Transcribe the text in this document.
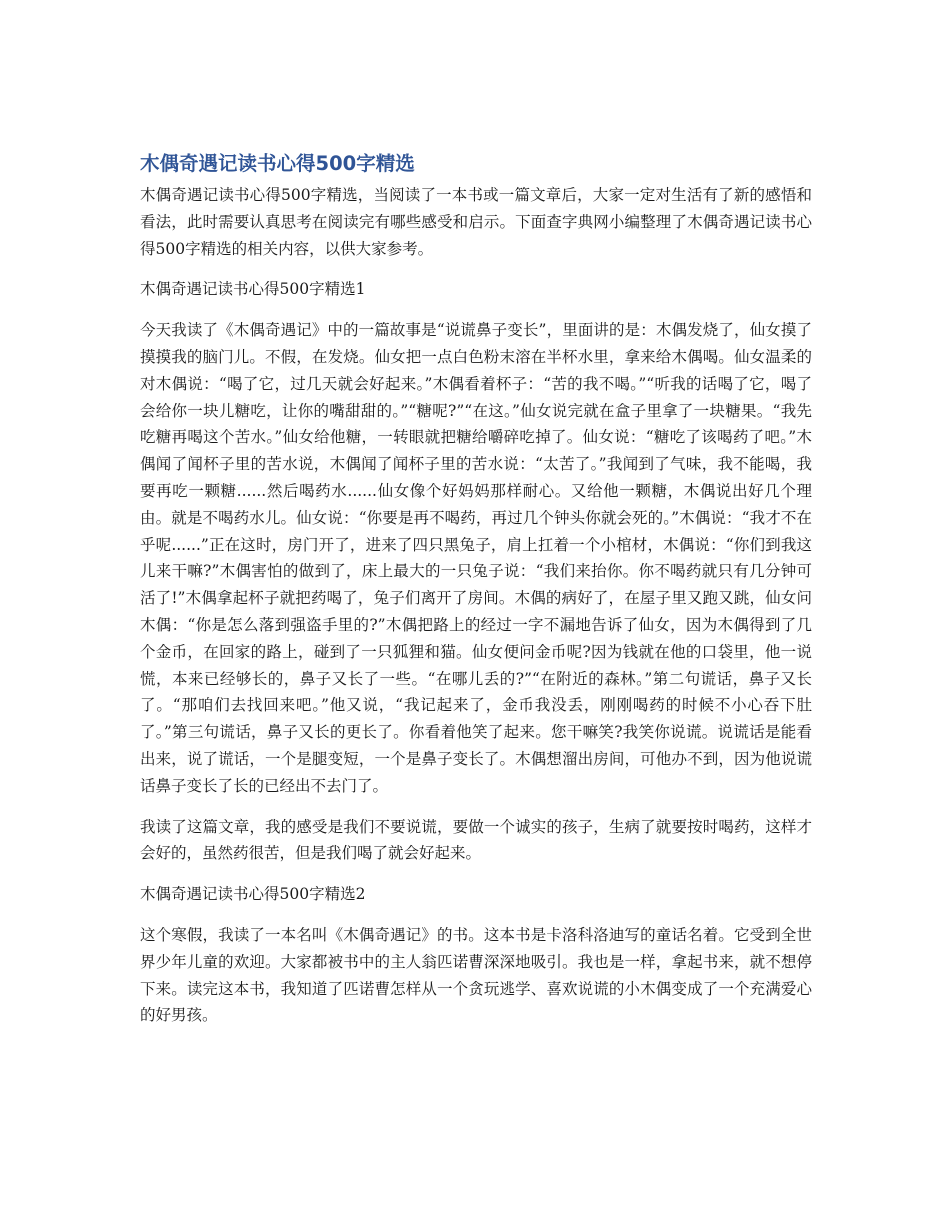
木偶奇遇记读书心得500字精选

木偶奇遇记读书心得500字精选，当阅读了一本书或一篇文章后，大家一定对生活有了新的感悟和看法，此时需要认真思考在阅读完有哪些感受和启示。下面查字典网小编整理了木偶奇遇记读书心得500字精选的相关内容，以供大家参考。

木偶奇遇记读书心得500字精选1

今天我读了《木偶奇遇记》中的一篇故事是“说谎鼻子变长”，里面讲的是：木偶发烧了，仙女摸了摸摸我的脑门儿。不假，在发烧。仙女把一点白色粉末溶在半杯水里，拿来给木偶喝。仙女温柔的对木偶说：“喝了它，过几天就会好起来。”木偶看着杯子：“苦的我不喝。”“听我的话喝了它，喝了会给你一块儿糖吃，让你的嘴甜甜的。”“糖呢?”“在这。”仙女说完就在盒子里拿了一块糖果。“我先吃糖再喝这个苦水。”仙女给他糖，一转眼就把糖给嚼碎吃掉了。仙女说：“糖吃了该喝药了吧。”木偶闻了闻杯子里的苦水说，木偶闻了闻杯子里的苦水说：“太苦了。”我闻到了气味，我不能喝，我要再吃一颗糖......然后喝药水......仙女像个好妈妈那样耐心。又给他一颗糖，木偶说出好几个理由。就是不喝药水儿。仙女说：“你要是再不喝药，再过几个钟头你就会死的。”木偶说：“我才不在乎呢......”正在这时，房门开了，进来了四只黑兔子，肩上扛着一个小棺材，木偶说：“你们到我这儿来干嘛?”木偶害怕的做到了，床上最大的一只兔子说：“我们来抬你。你不喝药就只有几分钟可活了!”木偶拿起杯子就把药喝了，兔子们离开了房间。木偶的病好了，在屋子里又跑又跳，仙女问木偶：“你是怎么落到强盗手里的?”木偶把路上的经过一字不漏地告诉了仙女，因为木偶得到了几个金币，在回家的路上，碰到了一只狐狸和猫。仙女便问金币呢?因为钱就在他的口袋里，他一说慌，本来已经够长的，鼻子又长了一些。“在哪儿丢的?”“在附近的森林。”第二句谎话，鼻子又长了。“那咱们去找回来吧。”他又说，“我记起来了，金币我没丢，刚刚喝药的时候不小心吞下肚了。”第三句谎话，鼻子又长的更长了。你看着他笑了起来。您干嘛笑?我笑你说谎。说谎话是能看出来，说了谎话，一个是腿变短，一个是鼻子变长了。木偶想溜出房间，可他办不到，因为他说谎话鼻子变长了长的已经出不去门了。

我读了这篇文章，我的感受是我们不要说谎，要做一个诚实的孩子，生病了就要按时喝药，这样才会好的，虽然药很苦，但是我们喝了就会好起来。

木偶奇遇记读书心得500字精选2

这个寒假，我读了一本名叫《木偶奇遇记》的书。这本书是卡洛科洛迪写的童话名着。它受到全世界少年儿童的欢迎。大家都被书中的主人翁匹诺曹深深地吸引。我也是一样，拿起书来，就不想停下来。读完这本书，我知道了匹诺曹怎样从一个贪玩逃学、喜欢说谎的小木偶变成了一个充满爱心的好男孩。
